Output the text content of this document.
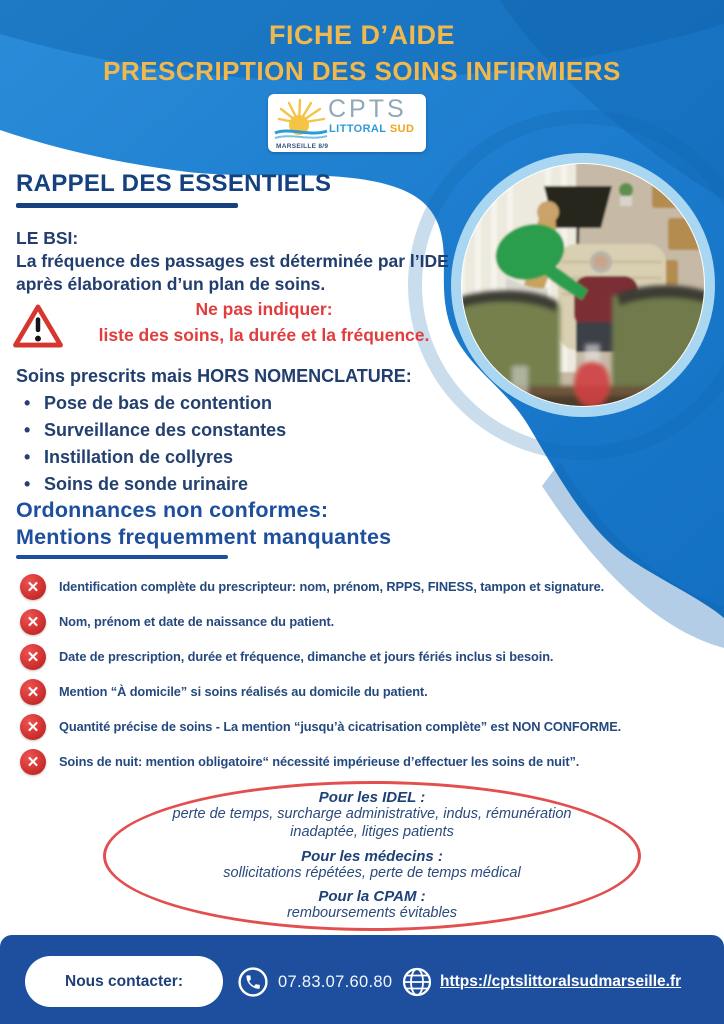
FICHE D’AIDE
PRESCRIPTION DES SOINS INFIRMIERS
CPTS
LITTORAL SUD
MARSEILLE 8/9
RAPPEL DES ESSENTIELS
LE BSI:
La fréquence des passages est déterminée par l’IDE après élaboration d’un plan de soins.
Ne pas indiquer:
liste des soins, la durée et la fréquence.
Soins prescrits mais HORS NOMENCLATURE:
• Pose de bas de contention
• Surveillance des constantes
• Instillation de collyres
• Soins de sonde urinaire
Ordonnances non conformes:
Mentions frequemment manquantes
✕	Identification complète du prescripteur: nom, prénom, RPPS, FINESS, tampon et signature.
✕	Nom, prénom et date de naissance du patient.
✕	Date de prescription, durée et fréquence, dimanche et jours fériés inclus si besoin.
✕	Mention “À domicile” si soins réalisés au domicile du patient.
✕	Quantité précise de soins - La mention “jusqu’à cicatrisation complète” est NON CONFORME.
✕	Soins de nuit: mention obligatoire“ nécessité impérieuse d’effectuer les soins de nuit”.
Pour les IDEL :
perte de temps, surcharge administrative, indus, rémunération inadaptée, litiges patients
Pour les médecins :
sollicitations répétées, perte de temps médical
Pour la CPAM :
remboursements évitables
Nous contacter:	07.83.07.60.80	https://cptslittoralsudmarseille.fr
